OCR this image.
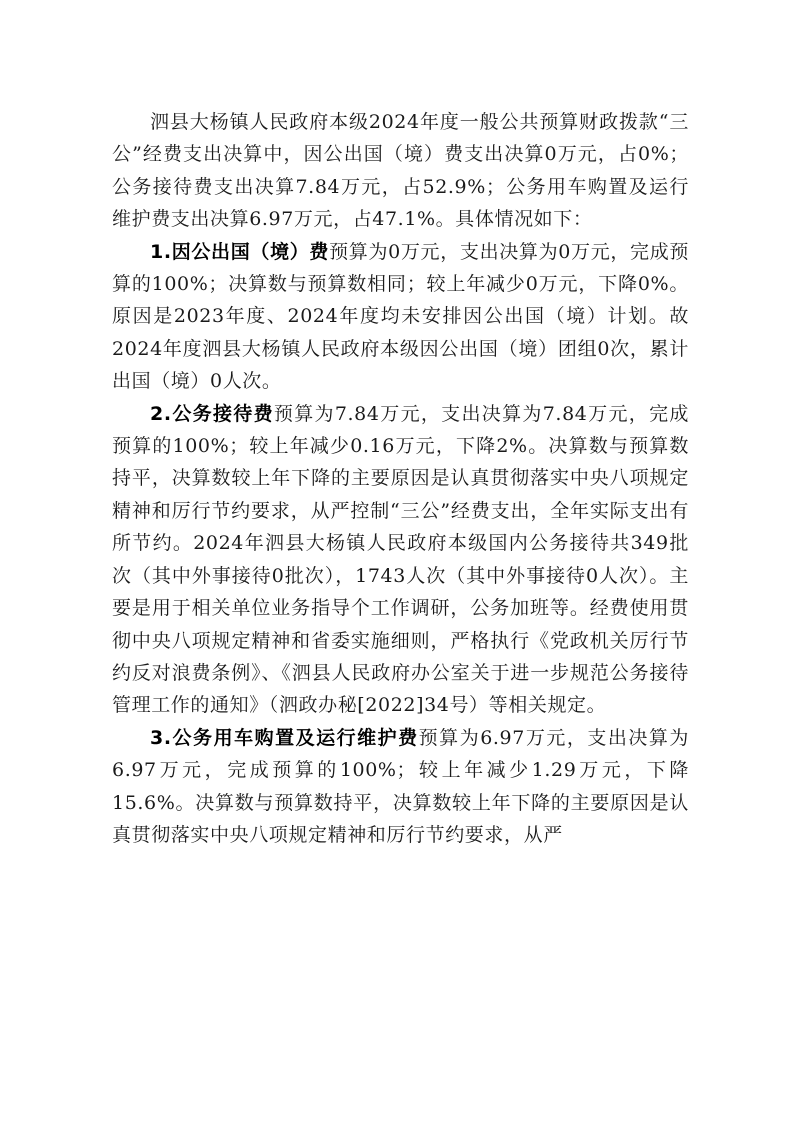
泗县大杨镇人民政府本级2024年度一般公共预算财政拨款“三公”经费支出决算中，因公出国（境）费支出决算0万元，占0%；公务接待费支出决算7.84万元，占52.9%；公务用车购置及运行维护费支出决算6.97万元，占47.1%。具体情况如下：

1.因公出国（境）费预算为0万元，支出决算为0万元，完成预算的100%；决算数与预算数相同；较上年减少0万元，下降0%。原因是2023年度、2024年度均未安排因公出国（境）计划。故2024年度泗县大杨镇人民政府本级因公出国（境）团组0次，累计出国（境）0人次。

2.公务接待费预算为7.84万元，支出决算为7.84万元，完成预算的100%；较上年减少0.16万元，下降2%。决算数与预算数持平，决算数较上年下降的主要原因是认真贯彻落实中央八项规定精神和厉行节约要求，从严控制“三公”经费支出，全年实际支出有所节约。2024年泗县大杨镇人民政府本级国内公务接待共349批次（其中外事接待0批次），1743人次（其中外事接待0人次）。主要是用于相关单位业务指导个工作调研，公务加班等。经费使用贯彻中央八项规定精神和省委实施细则，严格执行《党政机关厉行节约反对浪费条例》、《泗县人民政府办公室关于进一步规范公务接待管理工作的通知》（泗政办秘[2022]34号）等相关规定。

3.公务用车购置及运行维护费预算为6.97万元，支出决算为6.97万元，完成预算的100%；较上年减少1.29万元，下降15.6%。决算数与预算数持平，决算数较上年下降的主要原因是认真贯彻落实中央八项规定精神和厉行节约要求，从严
